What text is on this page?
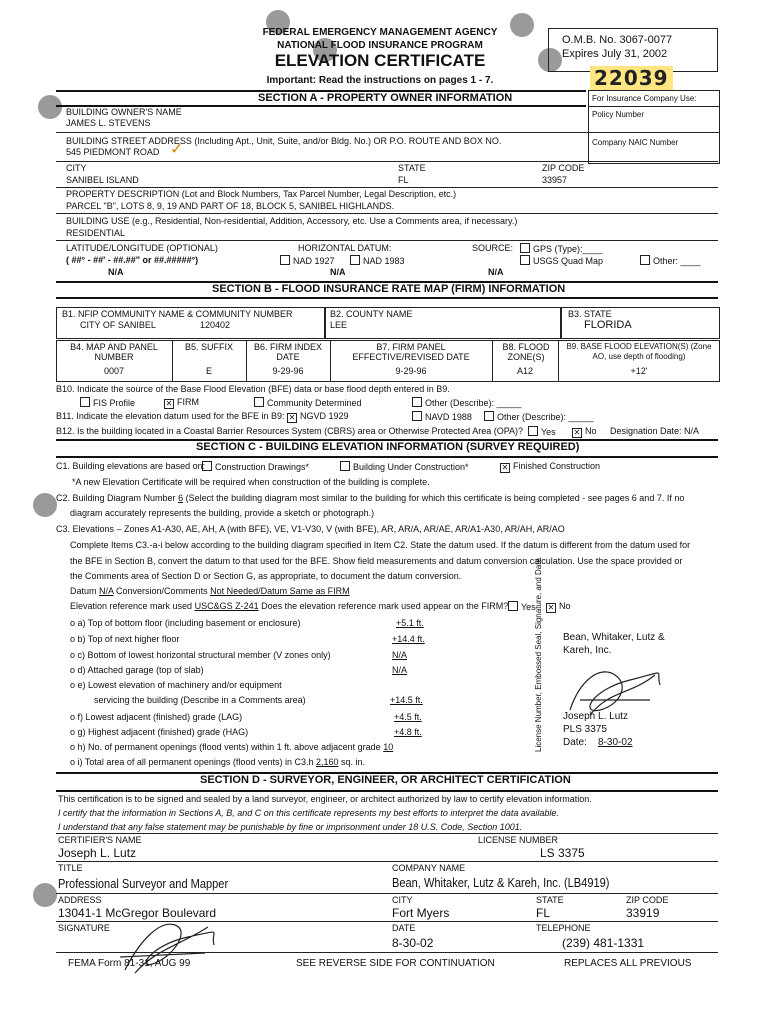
FEDERAL EMERGENCY MANAGEMENT AGENCY
NATIONAL FLOOD INSURANCE PROGRAM
ELEVATION CERTIFICATE
Important: Read the instructions on pages 1 - 7.
O.M.B. No. 3067-0077
Expires July 31, 2002
22039
SECTION A - PROPERTY OWNER INFORMATION	For Insurance Company Use:
Policy Number
Company NAIC Number
BUILDING OWNER'S NAME
JAMES L. STEVENS
BUILDING STREET ADDRESS (Including Apt., Unit, Suite, and/or Bldg. No.) OR P.O. ROUTE AND BOX NO.
545 PIEDMONT ROAD ✓
CITY
SANIBEL ISLAND
STATE
FL
ZIP CODE
33957
PROPERTY DESCRIPTION (Lot and Block Numbers, Tax Parcel Number, Legal Description, etc.)
PARCEL "B", LOTS 8, 9, 19 AND PART OF 18, BLOCK 5, SANIBEL HIGHLANDS.
BUILDING USE (e.g., Residential, Non-residential, Addition, Accessory, etc. Use a Comments area, if necessary.)
RESIDENTIAL
LATITUDE/LONGITUDE (OPTIONAL)
( ##° - ##' - ##.##" or ##.#####°)
N/A
HORIZONTAL DATUM:
NAD 1927	NAD 1983
N/A
SOURCE:	GPS (Type):____
USGS Quad Map	Other: ____
N/A
SECTION B - FLOOD INSURANCE RATE MAP (FIRM) INFORMATION
B1. NFIP COMMUNITY NAME & COMMUNITY NUMBER
CITY OF SANIBEL	120402
B2. COUNTY NAME
LEE
B3. STATE
FLORIDA
B4. MAP AND PANEL NUMBER
0007
B5. SUFFIX
E
B6. FIRM INDEX DATE
9-29-96
B7. FIRM PANEL EFFECTIVE/REVISED DATE
9-29-96
B8. FLOOD ZONE(S)
A12
B9. BASE FLOOD ELEVATION(S) (Zone AO, use depth of flooding)
+12'
B10. Indicate the source of the Base Flood Elevation (BFE) data or base flood depth entered in B9.
FIS Profile	✕ FIRM	Community Determined	Other (Describe): _____
B11. Indicate the elevation datum used for the BFE in B9: ✕ NGVD 1929	NAVD 1988	Other (Describe): _____
B12. Is the building located in a Coastal Barrier Resources System (CBRS) area or Otherwise Protected Area (OPA)?	Yes ✕ No Designation Date: N/A
SECTION C - BUILDING ELEVATION INFORMATION (SURVEY REQUIRED)
C1. Building elevations are based on:	Construction Drawings*	Building Under Construction*	✕ Finished Construction
*A new Elevation Certificate will be required when construction of the building is complete.
C2. Building Diagram Number 6 (Select the building diagram most similar to the building for which this certificate is being completed - see pages 6 and 7. If no
diagram accurately represents the building, provide a sketch or photograph.)
C3. Elevations – Zones A1-A30, AE, AH, A (with BFE), VE, V1-V30, V (with BFE), AR, AR/A, AR/AE, AR/A1-A30, AR/AH, AR/AO
Complete Items C3.-a-i below according to the building diagram specified in Item C2. State the datum used. If the datum is different from the datum used for
the BFE in Section B, convert the datum to that used for the BFE. Show field measurements and datum conversion calculation. Use the space provided or
the Comments area of Section D or Section G, as appropriate, to document the datum conversion.
Datum N/A Conversion/Comments Not Needed/Datum Same as FIRM
Elevation reference mark used USC&GS Z-241 Does the elevation reference mark used appear on the FIRM?	Yes ✕ No
o a) Top of bottom floor (including basement or enclosure)	+5.1 ft.
o b) Top of next higher floor	+14.4 ft.
o c) Bottom of lowest horizontal structural member (V zones only)	N/A
o d) Attached garage (top of slab)	N/A
o e) Lowest elevation of machinery and/or equipment
servicing the building (Describe in a Comments area)	+14.5 ft.
o f) Lowest adjacent (finished) grade (LAG)	+4.5 ft.
o g) Highest adjacent (finished) grade (HAG)	+4.8 ft.
o h) No. of permanent openings (flood vents) within 1 ft. above adjacent grade 10
o i) Total area of all permanent openings (flood vents) in C3.h 2,160 sq. in.
License Number, Embossed Seal, Signature, and Date Bean, Whitaker, Lutz &
Kareh, Inc.
Joseph L. Lutz
PLS 3375
Date: 8-30-02
SECTION D - SURVEYOR, ENGINEER, OR ARCHITECT CERTIFICATION
This certification is to be signed and sealed by a land surveyor, engineer, or architect authorized by law to certify elevation information.
I certify that the information in Sections A, B, and C on this certificate represents my best efforts to interpret the data available.
I understand that any false statement may be punishable by fine or imprisonment under 18 U.S. Code, Section 1001.
CERTIFIER'S NAME
Joseph L. Lutz
LICENSE NUMBER
LS 3375
TITLE
Professional Surveyor and Mapper
COMPANY NAME
Bean, Whitaker, Lutz & Kareh, Inc. (LB4919)
ADDRESS
13041-1 McGregor Boulevard
CITY
Fort Myers
STATE
FL
ZIP CODE
33919
SIGNATURE	DATE
8-30-02
TELEPHONE
(239) 481-1331
FEMA Form 81-31, AUG 99	SEE REVERSE SIDE FOR CONTINUATION	REPLACES ALL PREVIOUS
